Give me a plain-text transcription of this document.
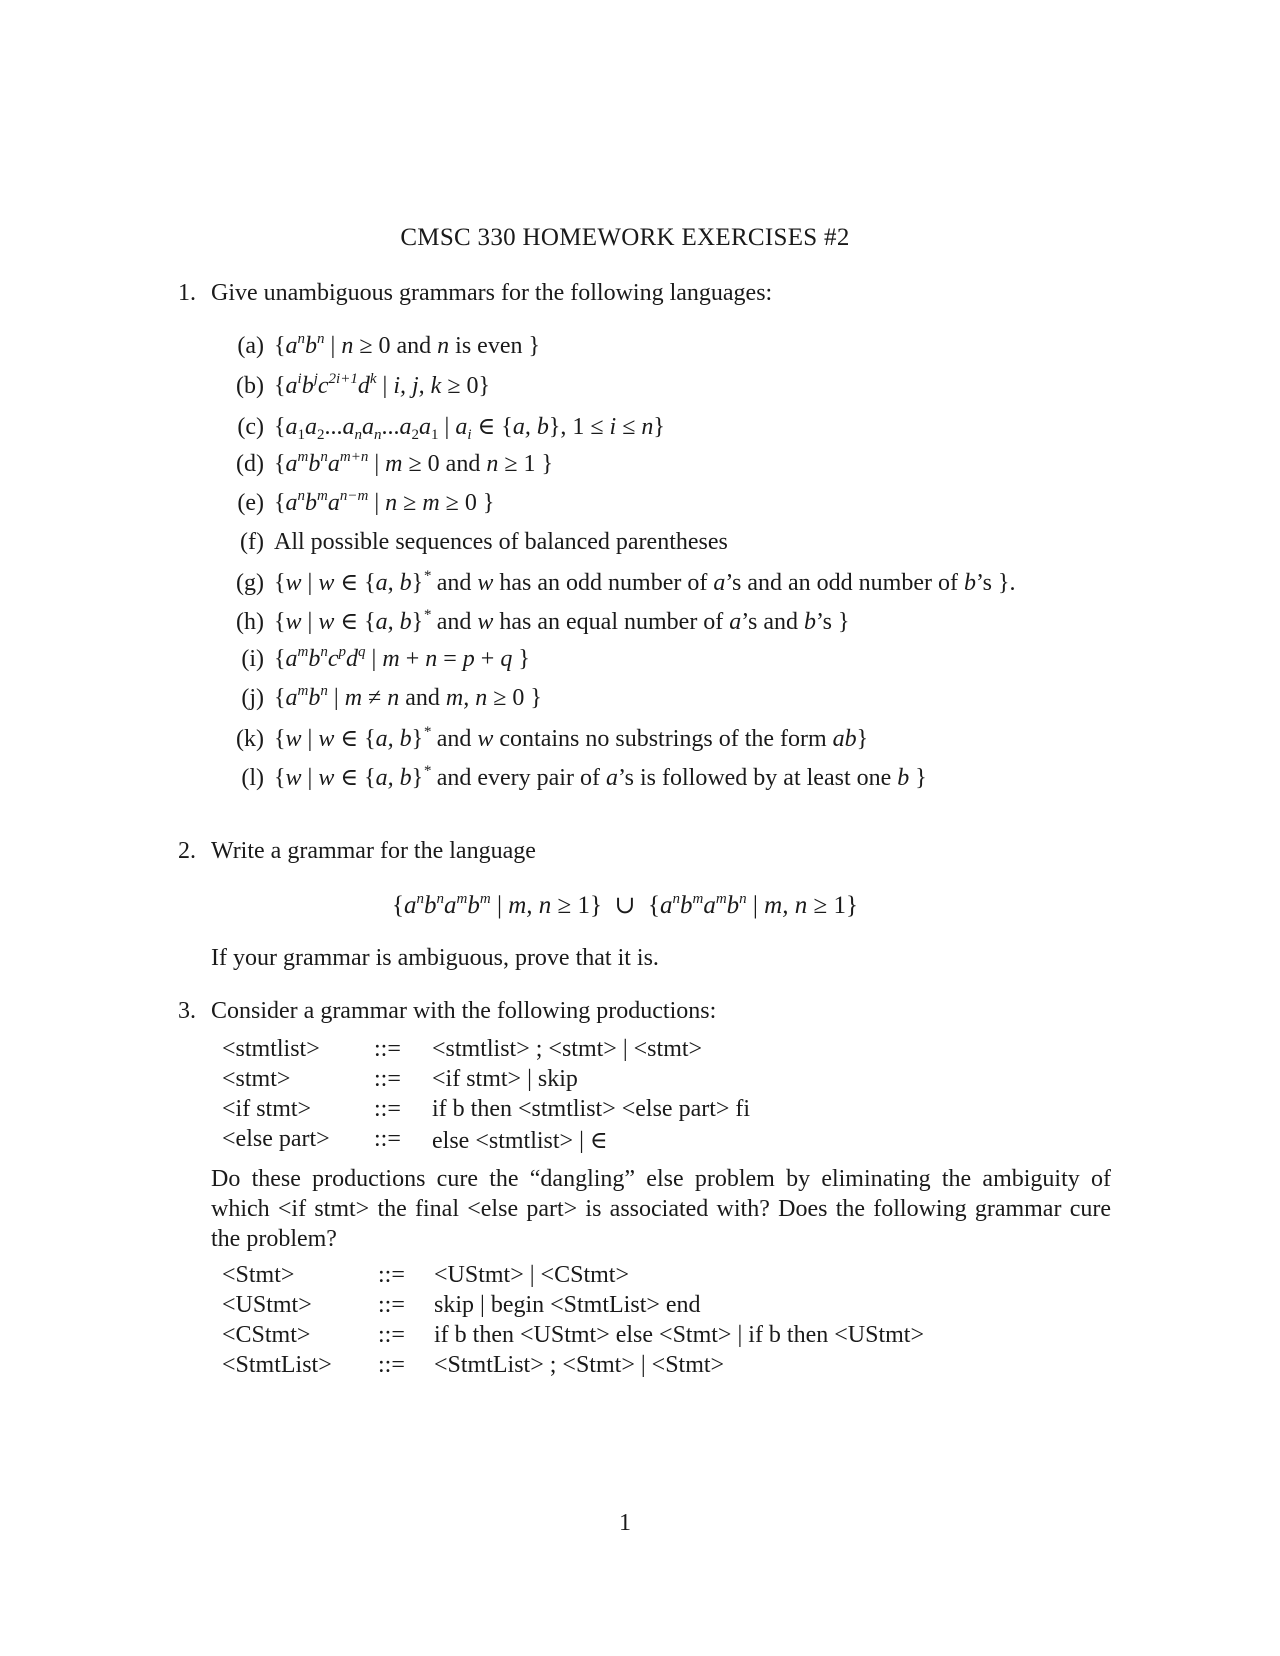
CMSC 330 HOMEWORK EXERCISES #2
1. Give unambiguous grammars for the following languages:
(a) {$a^nb^n$ | n ≥ 0 and n is even }
(b) {$a^ib^jc^{2i+1}d^k$ | i, j, k ≥ 0}
(c) {$a_1a_2...a_na_n...a_2a_1$ | $a_i$ ∈ {a, b}, 1 ≤ i ≤ n}
(d) {$a^mb^na^{m+n}$ | m ≥ 0 and n ≥ 1 }
(e) {$a^nb^ma^{n-m}$ | n ≥ m ≥ 0 }
(f) All possible sequences of balanced parentheses
(g) {w | w ∈ {a, b}* and w has an odd number of a’s and an odd number of b’s }.
(h) {w | w ∈ {a, b}* and w has an equal number of a’s and b’s }
(i) {$a^mb^nc^pd^q$ | m + n = p + q }
(j) {$a^mb^n$ | m ≠ n and m, n ≥ 0 }
(k) {w | w ∈ {a, b}* and w contains no substrings of the form ab}
(l) {w | w ∈ {a, b}* and every pair of a’s is followed by at least one b }
2. Write a grammar for the language
{$a^nb^na^mb^m$ | m, n ≥ 1}  ∪  {$a^nb^ma^mb^n$ | m, n ≥ 1}
If your grammar is ambiguous, prove that it is.
3. Consider a grammar with the following productions:
<stmtlist> ::= <stmtlist> ; <stmt> | <stmt>
<stmt>	::= <if stmt> | skip
<if stmt>	::= if b then <stmtlist> <else part> fi
<else part> ::= else <stmtlist> | ∈
Do these productions cure the “dangling” else problem by eliminating the ambiguity of which <if stmt> the final <else part> is associated with? Does the following grammar cure the problem?
<Stmt>	::= <UStmt> | <CStmt>
<UStmt>	::= skip | begin <StmtList> end
<CStmt>	::= if b then <UStmt> else <Stmt> | if b then <UStmt>
<StmtList> ::= <StmtList> ; <Stmt> | <Stmt>
1
